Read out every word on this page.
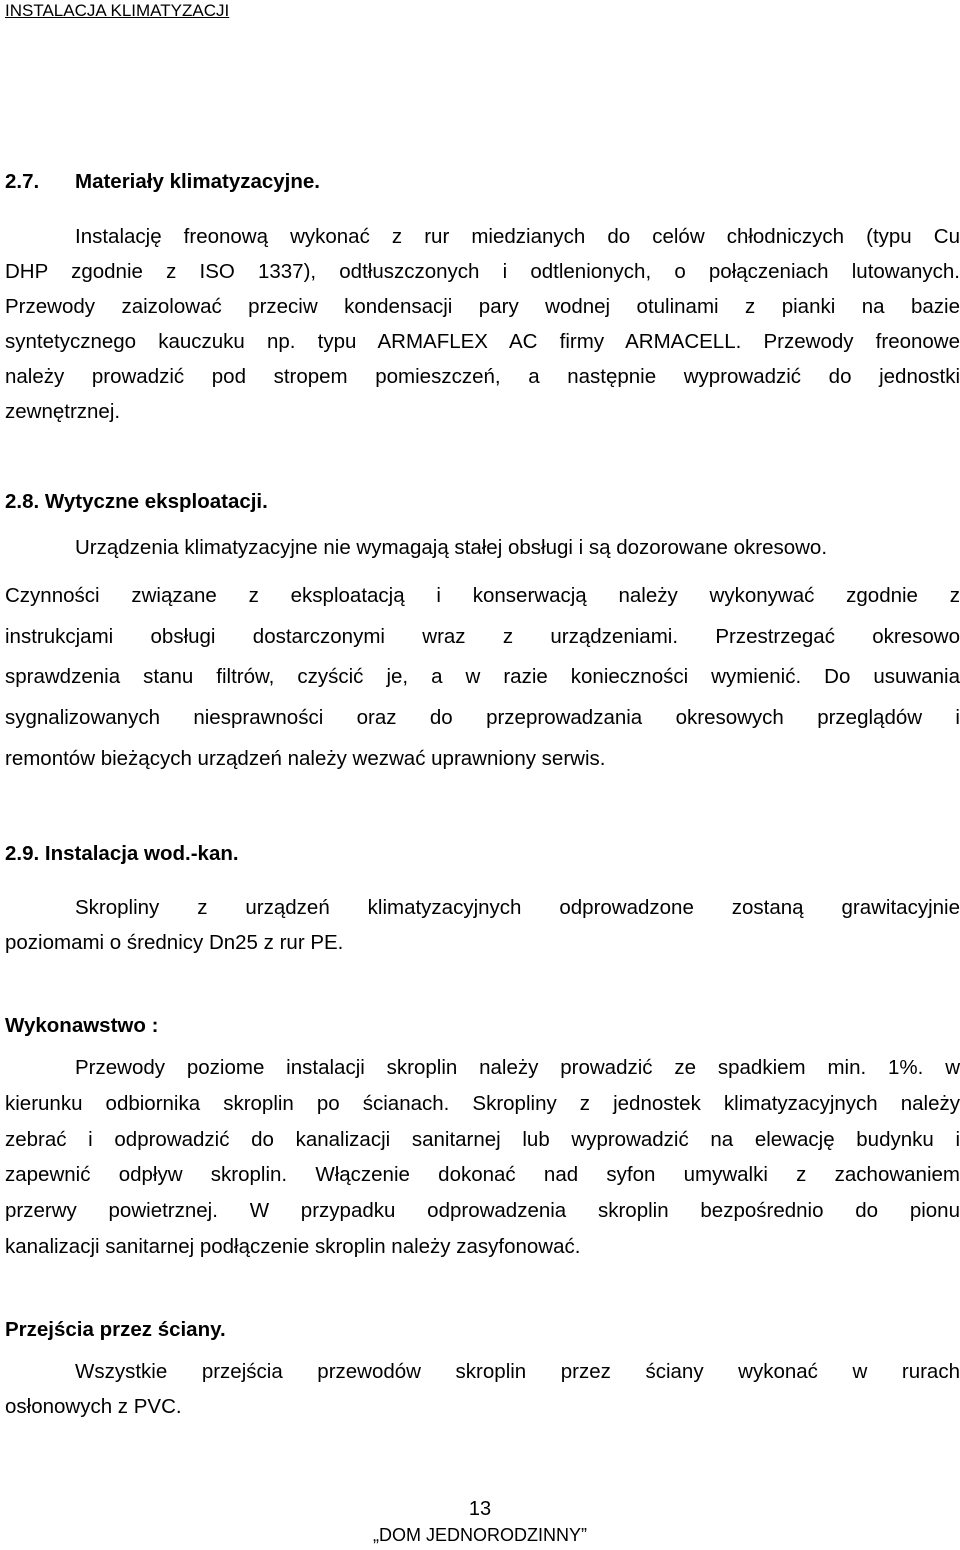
INSTALACJA KLIMATYZACJI
2.7. Materiały klimatyzacyjne.
Instalację freonową wykonać z rur miedzianych do celów chłodniczych (typu Cu
DHP zgodnie z ISO 1337), odtłuszczonych i odtlenionych, o połączeniach lutowanych.
Przewody zaizolować przeciw kondensacji pary wodnej otulinami z pianki na bazie
syntetycznego kauczuku np. typu ARMAFLEX AC firmy ARMACELL. Przewody freonowe
należy prowadzić pod stropem pomieszczeń, a następnie wyprowadzić do jednostki
zewnętrznej.
2.8. Wytyczne eksploatacji.
Urządzenia klimatyzacyjne nie wymagają stałej obsługi i są dozorowane okresowo.
Czynności związane z eksploatacją i konserwacją należy wykonywać zgodnie z
instrukcjami obsługi dostarczonymi wraz z urządzeniami. Przestrzegać okresowo
sprawdzenia stanu filtrów, czyścić je, a w razie konieczności wymienić. Do usuwania
sygnalizowanych niesprawności oraz do przeprowadzania okresowych przeglądów i
remontów bieżących urządzeń należy wezwać uprawniony serwis.
2.9. Instalacja wod.-kan.
Skropliny z urządzeń klimatyzacyjnych odprowadzone zostaną grawitacyjnie
poziomami o średnicy Dn25 z rur PE.
Wykonawstwo :
Przewody poziome instalacji skroplin należy prowadzić ze spadkiem min. 1%. w
kierunku odbiornika skroplin po ścianach. Skropliny z jednostek klimatyzacyjnych należy
zebrać i odprowadzić do kanalizacji sanitarnej lub wyprowadzić na elewację budynku i
zapewnić odpływ skroplin. Włączenie dokonać nad syfon umywalki z zachowaniem
przerwy powietrznej. W przypadku odprowadzenia skroplin bezpośrednio do pionu
kanalizacji sanitarnej podłączenie skroplin należy zasyfonować.
Przejścia przez ściany.
Wszystkie przejścia przewodów skroplin przez ściany wykonać w rurach
osłonowych z PVC.
13
„DOM JEDNORODZINNY”
